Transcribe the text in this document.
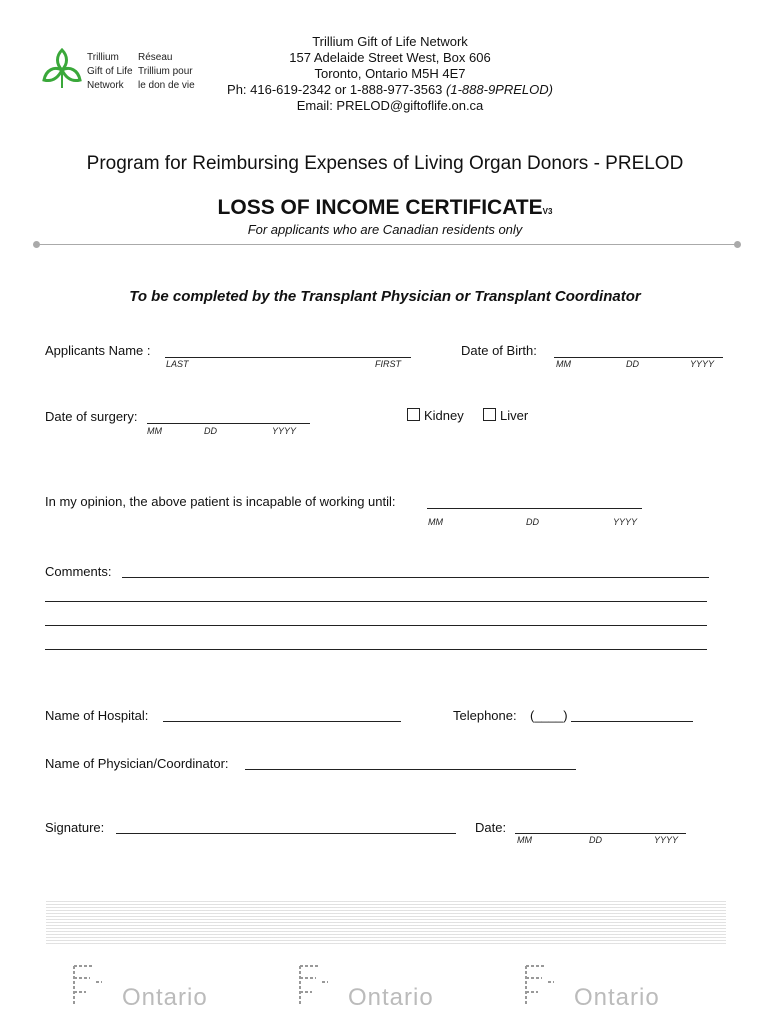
Trillium
Gift of Life
Network
Réseau
Trillium pour
le don de vie
Trillium Gift of Life Network
157 Adelaide Street West, Box 606
Toronto, Ontario M5H 4E7
Ph: 416-619-2342 or 1-888-977-3563 (1-888-9PRELOD)
Email: PRELOD@giftoflife.on.ca
Program for Reimbursing Expenses of Living Organ Donors - PRELOD
LOSS OF INCOME CERTIFICATEV3
For applicants who are Canadian residents only
To be completed by the Transplant Physician or Transplant Coordinator
Applicants Name :
LAST	FIRST
Date of Birth:
MM	DD	YYYY
Date of surgery:
MM	DD	YYYY
Kidney	Liver
In my opinion, the above patient is incapable of working until:
MM	DD	YYYY
Comments:
Name of Hospital:	Telephone: (____)
Name of Physician/Coordinator:
Signature:	Date:
MM	DD	YYYY
Ontario	Ontario	Ontario
